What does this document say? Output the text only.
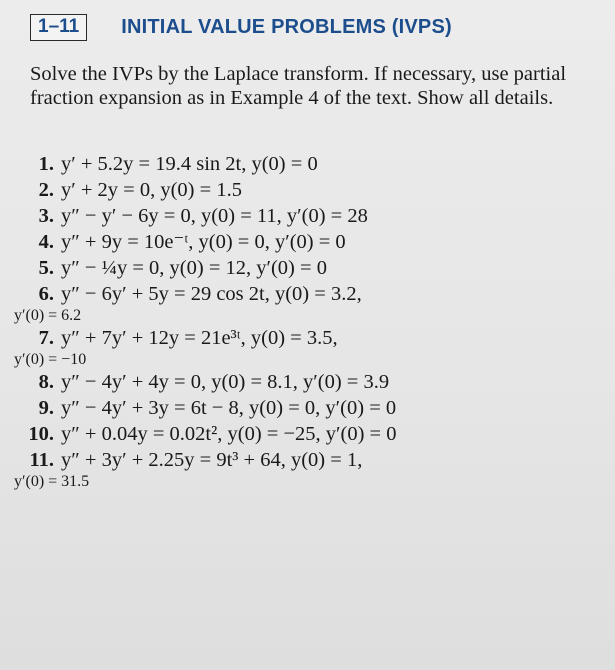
1–11	INITIAL VALUE PROBLEMS (IVPS)
Solve the IVPs by the Laplace transform. If necessary, use partial fraction expansion as in Example 4 of the text. Show all details.
1. y′ + 5.2y = 19.4 sin 2t, y(0) = 0
2. y′ + 2y = 0, y(0) = 1.5
3. y″ − y′ − 6y = 0, y(0) = 11, y′(0) = 28
4. y″ + 9y = 10e⁻ᵗ, y(0) = 0, y′(0) = 0
5. y″ − ¼y = 0, y(0) = 12, y′(0) = 0
6. y″ − 6y′ + 5y = 29 cos 2t, y(0) = 3.2,
y′(0) = 6.2
7. y″ + 7y′ + 12y = 21e³ᵗ, y(0) = 3.5,
y′(0) = −10
8. y″ − 4y′ + 4y = 0, y(0) = 8.1, y′(0) = 3.9
9. y″ − 4y′ + 3y = 6t − 8, y(0) = 0, y′(0) = 0
10. y″ + 0.04y = 0.02t², y(0) = −25, y′(0) = 0
11. y″ + 3y′ + 2.25y = 9t³ + 64, y(0) = 1,
y′(0) = 31.5
